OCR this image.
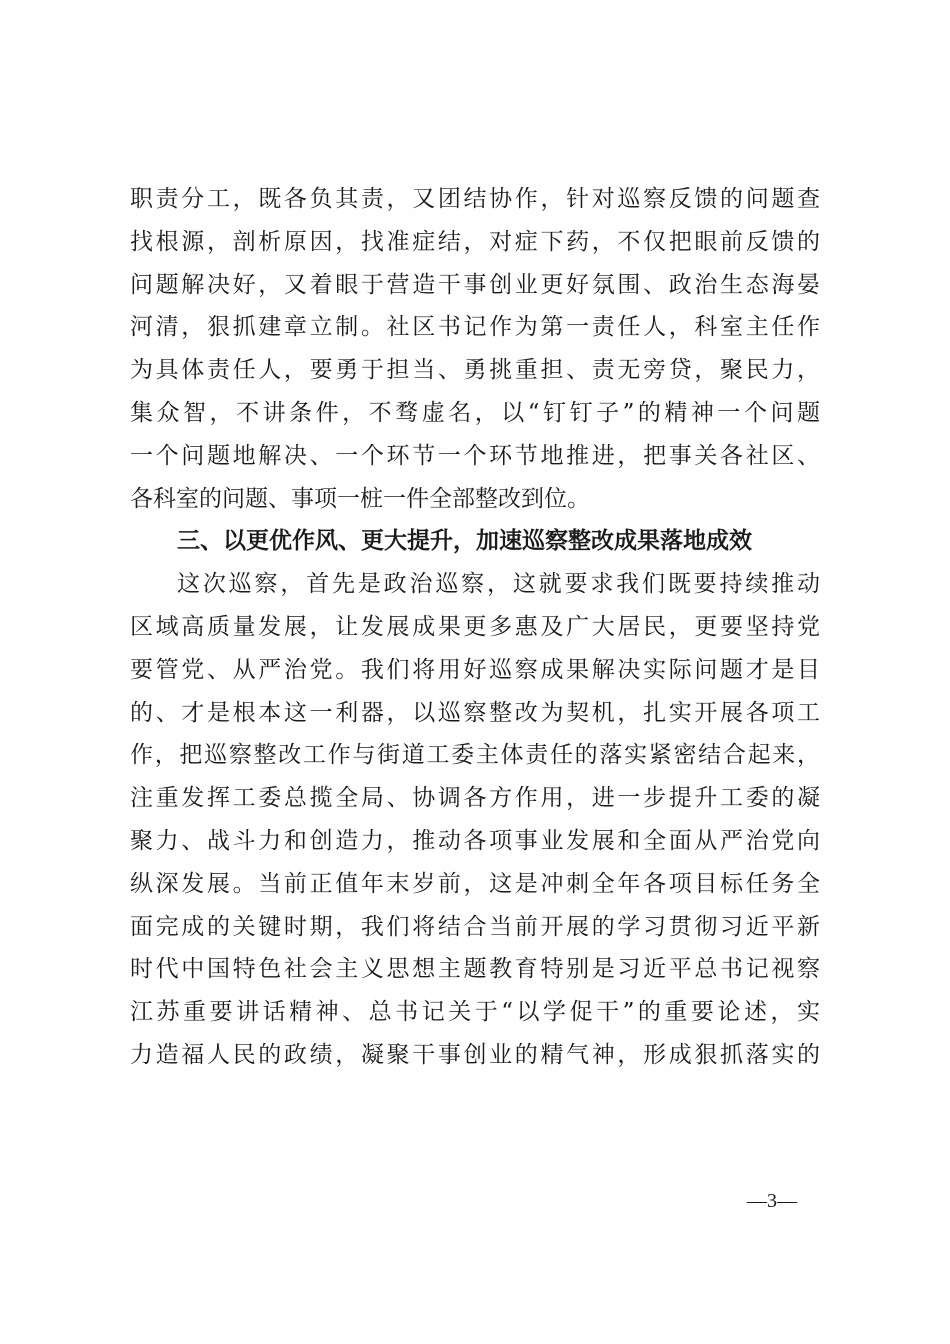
职责分工，既各负其责，又团结协作，针对巡察反馈的问题查
找根源，剖析原因，找准症结，对症下药，不仅把眼前反馈的
问题解决好，又着眼于营造干事创业更好氛围、政治生态海晏
河清，狠抓建章立制。社区书记作为第一责任人，科室主任作
为具体责任人，要勇于担当、勇挑重担、责无旁贷，聚民力，
集众智，不讲条件，不骛虚名，以“钉钉子”的精神一个问题
一个问题地解决、一个环节一个环节地推进，把事关各社区、
各科室的问题、事项一桩一件全部整改到位。
三、以更优作风、更大提升，加速巡察整改成果落地成效
这次巡察，首先是政治巡察，这就要求我们既要持续推动
区域高质量发展，让发展成果更多惠及广大居民，更要坚持党
要管党、从严治党。我们将用好巡察成果解决实际问题才是目
的、才是根本这一利器，以巡察整改为契机，扎实开展各项工
作，把巡察整改工作与街道工委主体责任的落实紧密结合起来，
注重发挥工委总揽全局、协调各方作用，进一步提升工委的凝
聚力、战斗力和创造力，推动各项事业发展和全面从严治党向
纵深发展。当前正值年末岁前，这是冲刺全年各项目标任务全
面完成的关键时期，我们将结合当前开展的学习贯彻习近平新
时代中国特色社会主义思想主题教育特别是习近平总书记视察
江苏重要讲话精神、总书记关于“以学促干”的重要论述，实
力造福人民的政绩，凝聚干事创业的精气神，形成狠抓落实的
—3—
